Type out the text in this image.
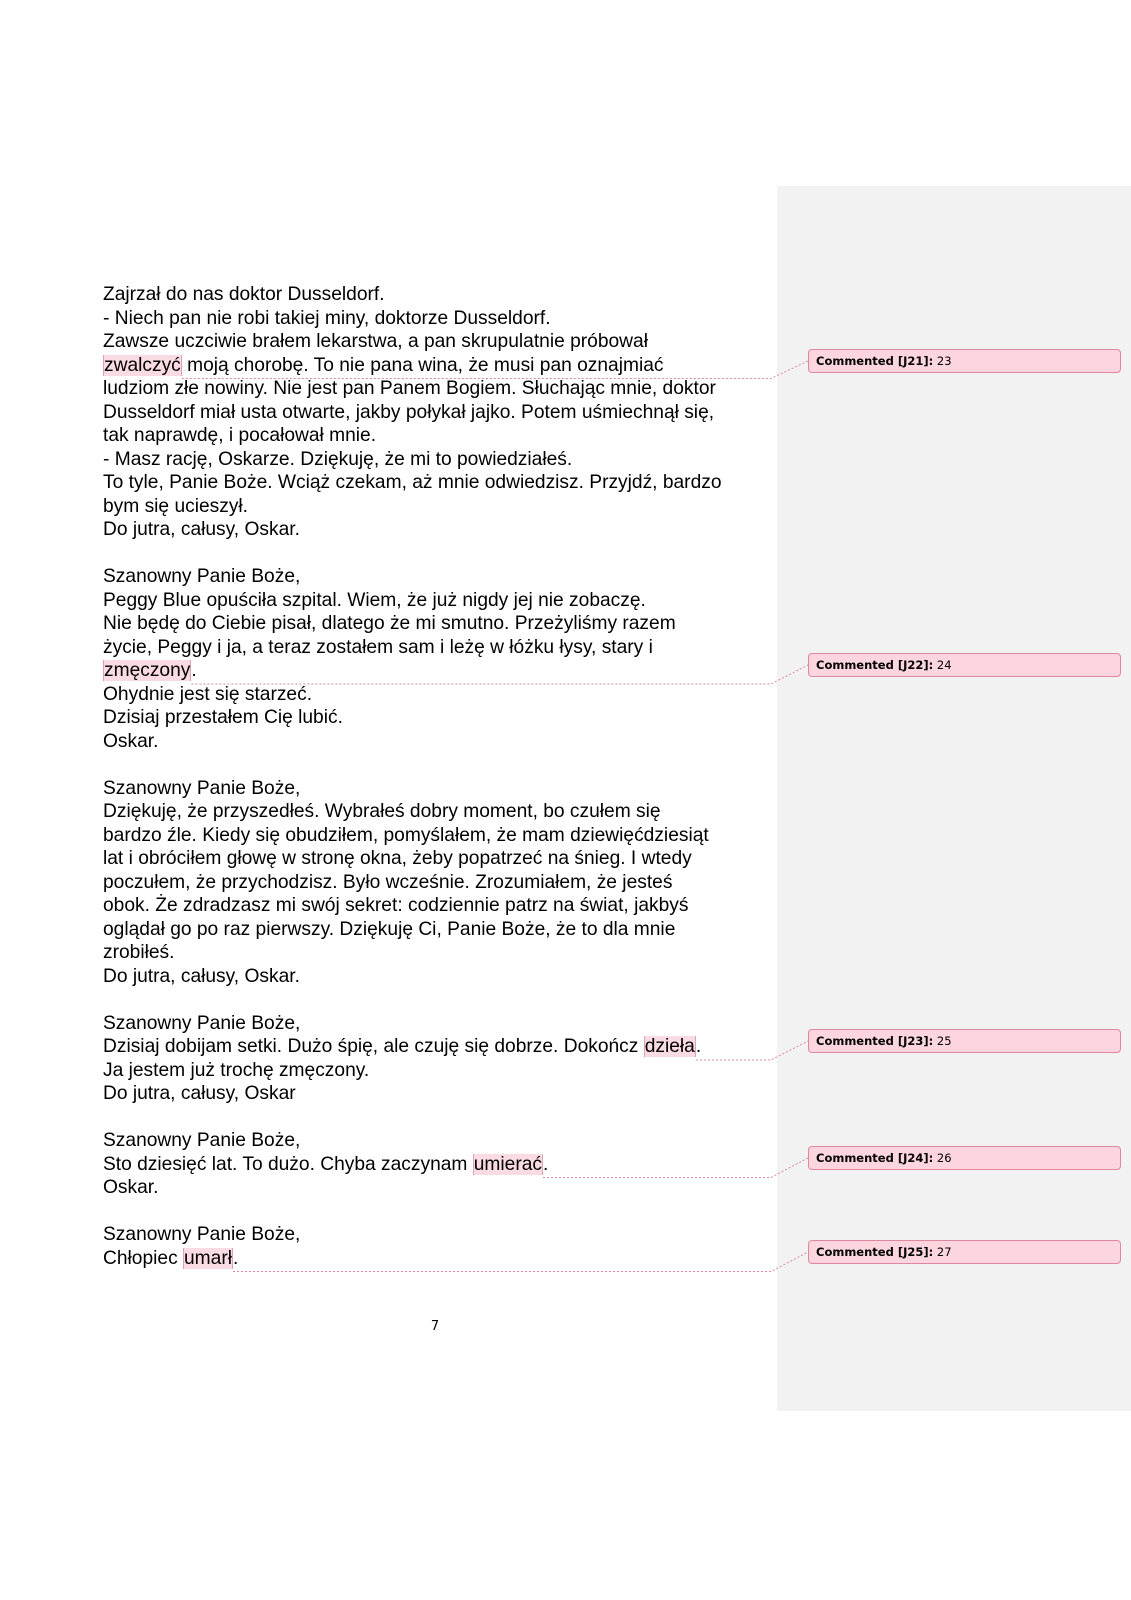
Zajrzał do nas doktor Dusseldorf.
- Niech pan nie robi takiej miny, doktorze Dusseldorf.
Zawsze uczciwie brałem lekarstwa, a pan skrupulatnie próbował
zwalczyć moją chorobę. To nie pana wina, że musi pan oznajmiać
ludziom złe nowiny. Nie jest pan Panem Bogiem. Słuchając mnie, doktor
Dusseldorf miał usta otwarte, jakby połykał jajko. Potem uśmiechnął się,
tak naprawdę, i pocałował mnie.
- Masz rację, Oskarze. Dziękuję, że mi to powiedziałeś.
To tyle, Panie Boże. Wciąż czekam, aż mnie odwiedzisz. Przyjdź, bardzo
bym się ucieszył.
Do jutra, całusy, Oskar.
Szanowny Panie Boże,
Peggy Blue opuściła szpital. Wiem, że już nigdy jej nie zobaczę.
Nie będę do Ciebie pisał, dlatego że mi smutno. Przeżyliśmy razem
życie, Peggy i ja, a teraz zostałem sam i leżę w łóżku łysy, stary i
zmęczony.
Ohydnie jest się starzeć.
Dzisiaj przestałem Cię lubić.
Oskar.
Szanowny Panie Boże,
Dziękuję, że przyszedłeś. Wybrałeś dobry moment, bo czułem się
bardzo źle. Kiedy się obudziłem, pomyślałem, że mam dziewięćdziesiąt
lat i obróciłem głowę w stronę okna, żeby popatrzeć na śnieg. I wtedy
poczułem, że przychodzisz. Było wcześnie. Zrozumiałem, że jesteś
obok. Że zdradzasz mi swój sekret: codziennie patrz na świat, jakbyś
oglądał go po raz pierwszy. Dziękuję Ci, Panie Boże, że to dla mnie
zrobiłeś.
Do jutra, całusy, Oskar.
Szanowny Panie Boże,
Dzisiaj dobijam setki. Dużo śpię, ale czuję się dobrze. Dokończ dzieła.
Ja jestem już trochę zmęczony.
Do jutra, całusy, Oskar
Szanowny Panie Boże,
Sto dziesięć lat. To dużo. Chyba zaczynam umierać.
Oskar.
Szanowny Panie Boże,
Chłopiec umarł.
Commented [J21]: 23
Commented [J22]: 24
Commented [J23]: 25
Commented [J24]: 26
Commented [J25]: 27
7
